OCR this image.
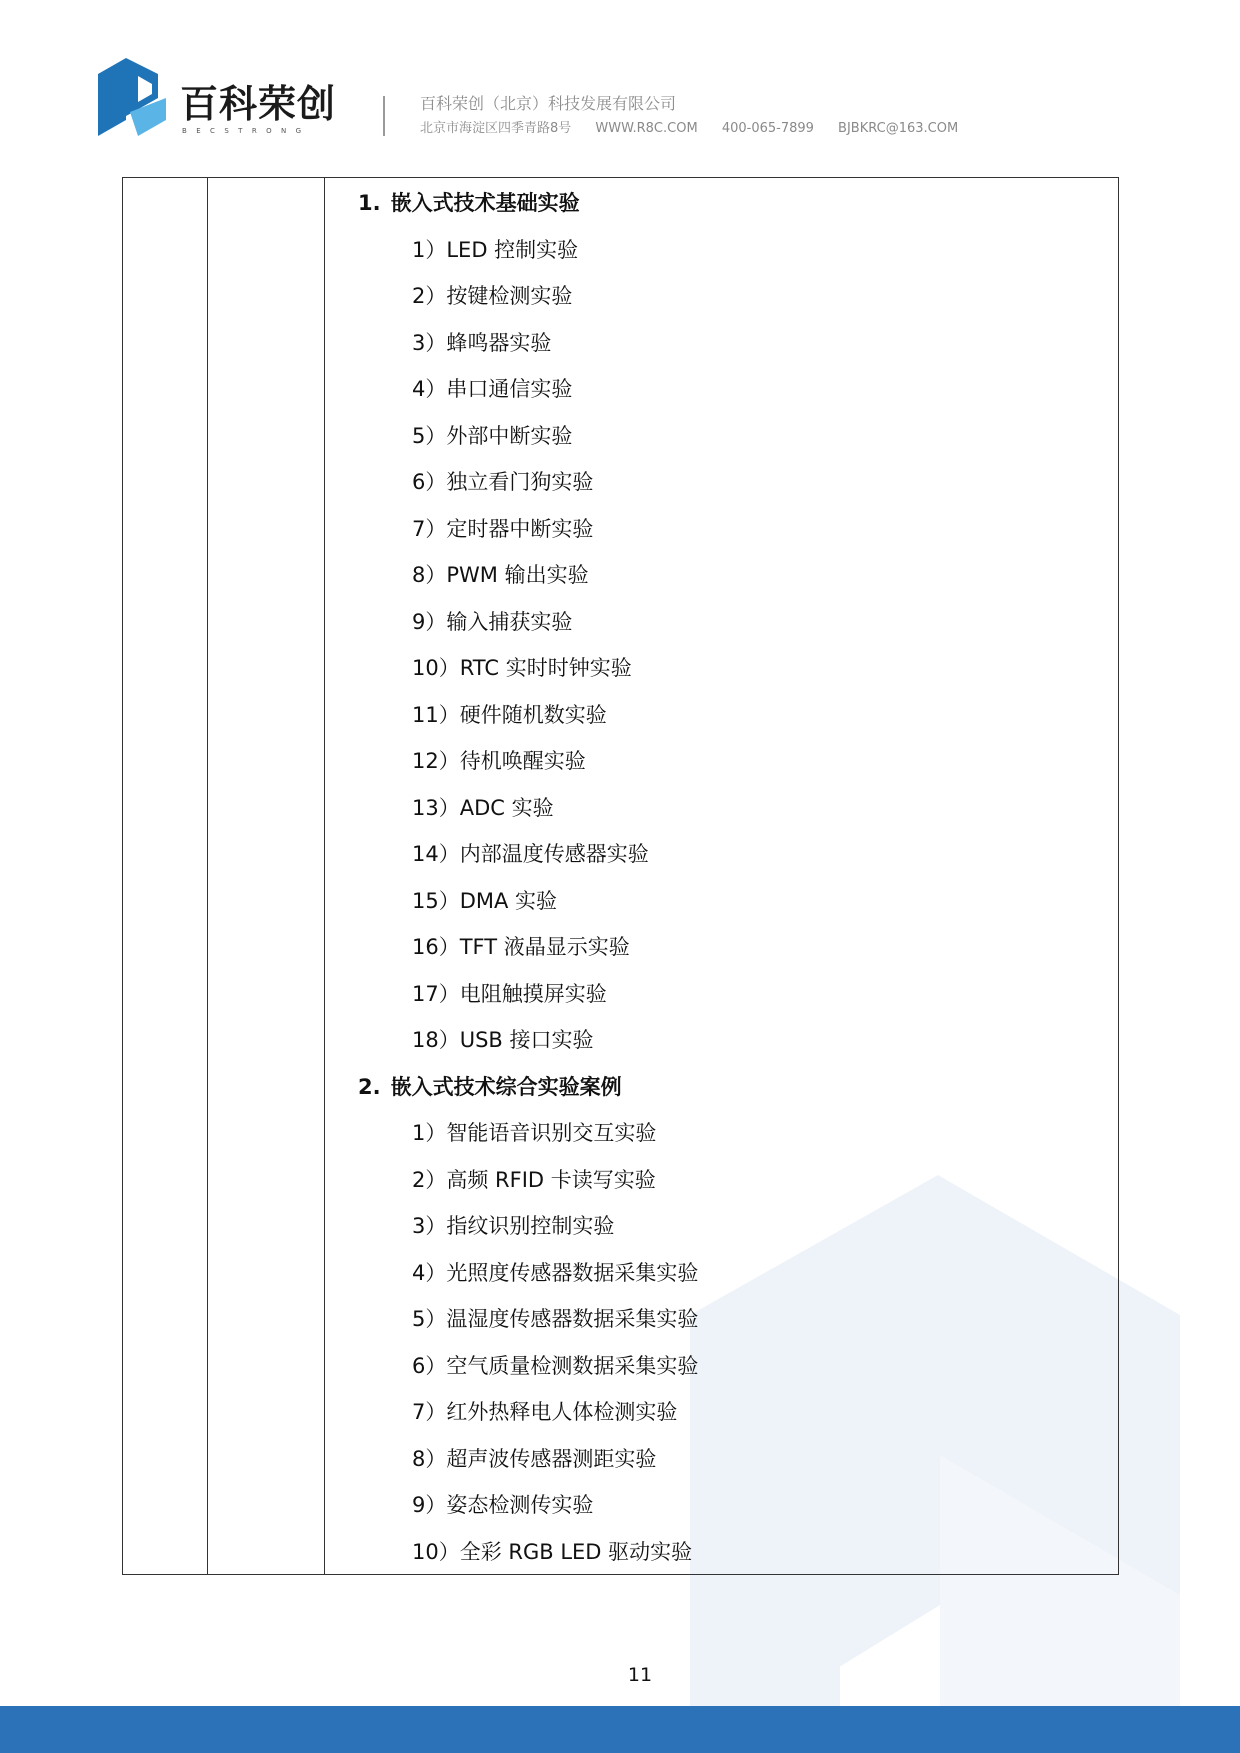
百科荣创
BECSTRONG
百科荣创（北京）科技发展有限公司
北京市海淀区四季青路8号 WWW.R8C.COM 400-065-7899 BJBKRC@163.COM
1. 嵌入式技术基础实验
1）LED 控制实验
2）按键检测实验
3）蜂鸣器实验
4）串口通信实验
5）外部中断实验
6）独立看门狗实验
7）定时器中断实验
8）PWM 输出实验
9）输入捕获实验
10）RTC 实时时钟实验
11）硬件随机数实验
12）待机唤醒实验
13）ADC 实验
14）内部温度传感器实验
15）DMA 实验
16）TFT 液晶显示实验
17）电阻触摸屏实验
18）USB 接口实验
2. 嵌入式技术综合实验案例
1）智能语音识别交互实验
2）高频 RFID 卡读写实验
3）指纹识别控制实验
4）光照度传感器数据采集实验
5）温湿度传感器数据采集实验
6）空气质量检测数据采集实验
7）红外热释电人体检测实验
8）超声波传感器测距实验
9）姿态检测传实验
10）全彩 RGB LED 驱动实验
11
